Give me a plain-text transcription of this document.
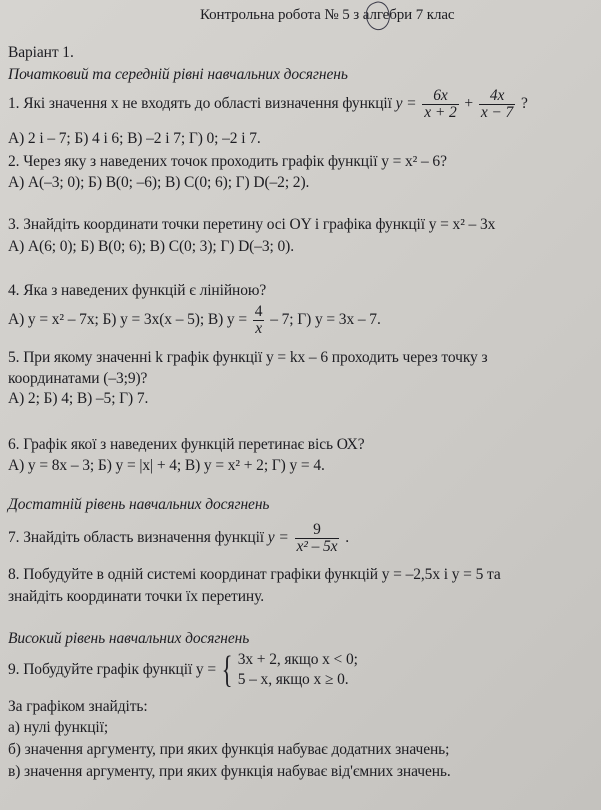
Контрольна робота № 5 з алгебри 7 клас
Варіант 1.
Початковий та середній рівні навчальних досягнень
1. Які значення х не входять до області визначення функції $y = \frac{6x}{x + 2} + \frac{4x}{x - 7}$ ?
А) 2 і – 7; Б) 4 і 6; В) –2 і 7; Г) 0; –2 і 7.
2. Через яку з наведених точок проходить графік функції y = x² – 6?
А) А(–3; 0); Б) В(0; –6); В) С(0; 6); Г) D(–2; 2).
3. Знайдіть координати точки перетину осі OY і графіка функції y = x² – 3x
А) А(6; 0); Б) В(0; 6); В) С(0; 3); Г) D(–3; 0).
4. Яка з наведених функцій є лінійною?
А) y = x² – 7x; Б) y = 3x(x – 5); В) $y = \frac{4}{x} - 7$; Г) y = 3x – 7.
5. При якому значенні k графік функції y = kx – 6 проходить через точку з
координатами (–3;9)?
А) 2; Б) 4; В) –5; Г) 7.
6. Графік якої з наведених функцій перетинає вісь ОХ?
А) y = 8x – 3; Б) y = |x| + 4; В) y = x² + 2; Г) y = 4.
Достатній рівень навчальних досягнень
7. Знайдіть область визначення функції $y = \frac{9}{\text{x² – 5x}}$ .
8. Побудуйте в одній системі координат графіки функцій y = –2,5x і y = 5 та
знайдіть координати точки їх перетину.
Високий рівень навчальних досягнень
9. Побудуйте графік функції y = { 3x + 2, якщо x < 0;
5 – x, якщо x ≥ 0.
За графіком знайдіть:
а) нулі функції;
б) значення аргументу, при яких функція набуває додатних значень;
в) значення аргументу, при яких функція набуває від'ємних значень.
